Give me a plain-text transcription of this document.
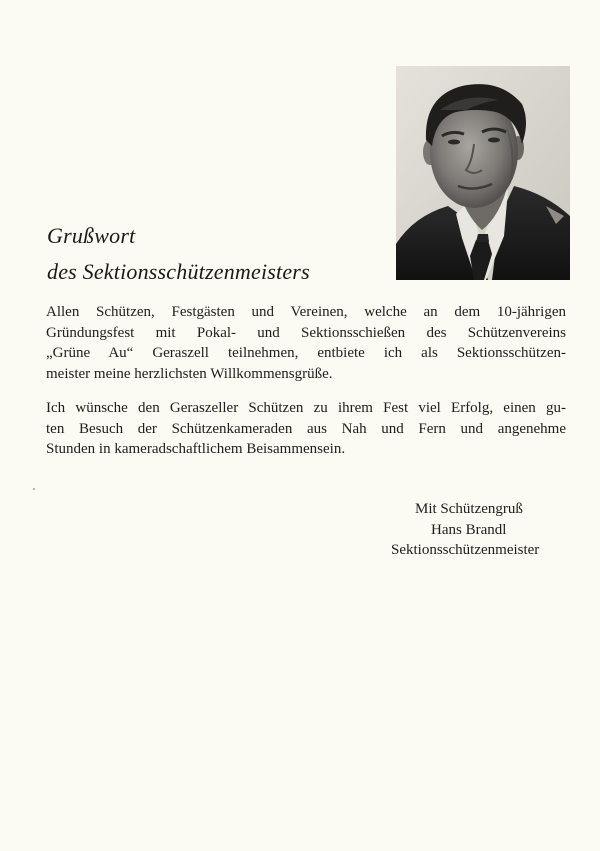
Grußwort
des Sektionsschützenmeisters

Allen Schützen, Festgästen und Vereinen, welche an dem 10-jährigen
Gründungsfest mit Pokal- und Sektionsschießen des Schützenvereins
„Grüne Au“ Geraszell teilnehmen, entbiete ich als Sektionsschützen-
meister meine herzlichsten Willkommensgrüße.

Ich wünsche den Geraszeller Schützen zu ihrem Fest viel Erfolg, einen gu-
ten Besuch der Schützenkameraden aus Nah und Fern und angenehme
Stunden in kameradschaftlichem Beisammensein.

Mit Schützengruß
Hans Brandl
Sektionsschützenmeister
